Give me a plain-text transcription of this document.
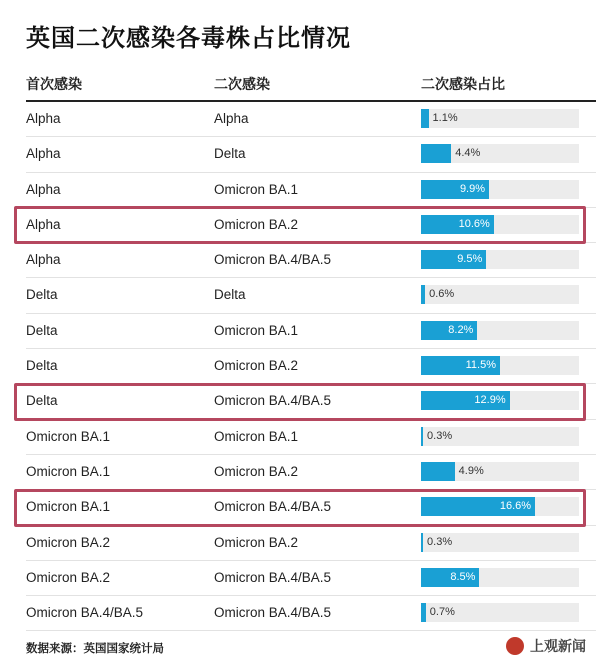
英国二次感染各毒株占比情况
首次感染	二次感染	二次感染占比
Alpha	Alpha	1.1%
Alpha	Delta	4.4%
Alpha	Omicron BA.1	9.9%
Alpha	Omicron BA.2	10.6%
Alpha	Omicron BA.4/BA.5	9.5%
Delta	Delta	0.6%
Delta	Omicron BA.1	8.2%
Delta	Omicron BA.2	11.5%
Delta	Omicron BA.4/BA.5	12.9%
Omicron BA.1	Omicron BA.1	0.3%
Omicron BA.1	Omicron BA.2	4.9%
Omicron BA.1	Omicron BA.4/BA.5	16.6%
Omicron BA.2	Omicron BA.2	0.3%
Omicron BA.2	Omicron BA.4/BA.5	8.5%
Omicron BA.4/BA.5	Omicron BA.4/BA.5	0.7%
数据来源：英国国家统计局	上观新闻
